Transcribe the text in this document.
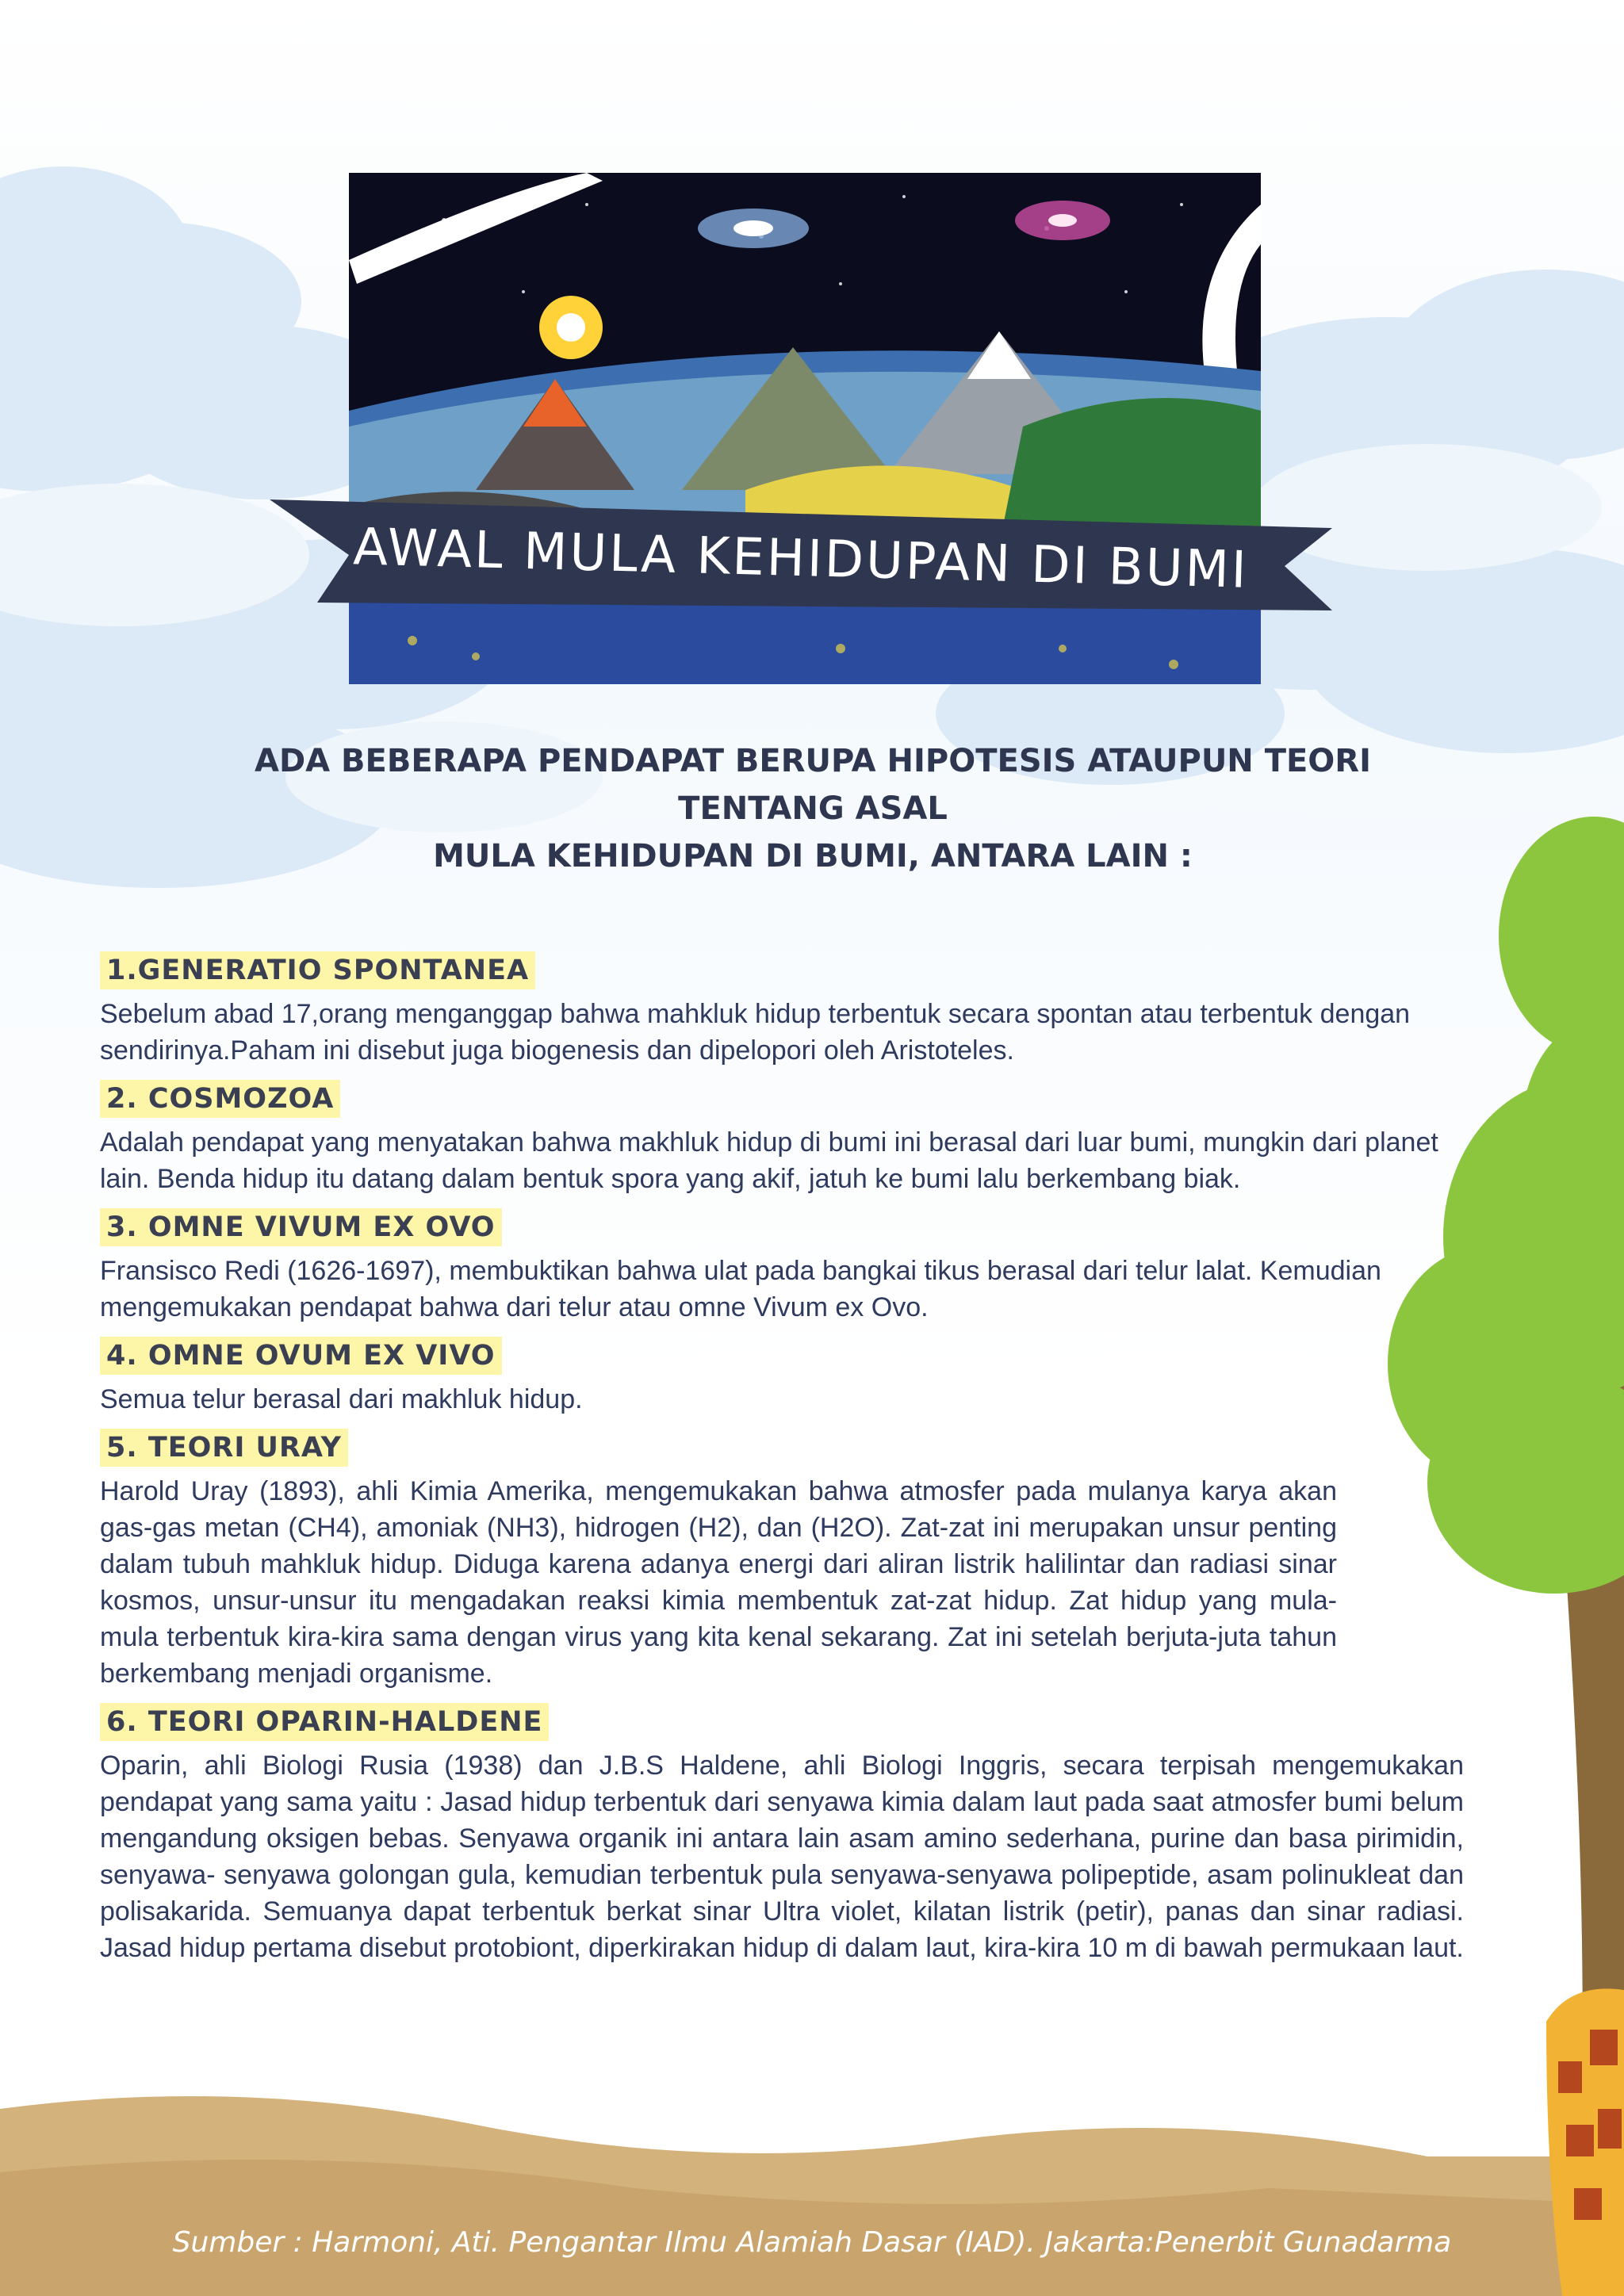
AWAL MULA KEHIDUPAN DI BUMI
ADA BEBERAPA PENDAPAT BERUPA HIPOTESIS ATAUPUN TEORI TENTANG ASAL
MULA KEHIDUPAN DI BUMI, ANTARA LAIN :
1.GENERATIO SPONTANEA
Sebelum abad 17,orang menganggap bahwa mahkluk hidup terbentuk secara spontan atau terbentuk dengan sendirinya.Paham ini disebut juga biogenesis dan dipelopori oleh Aristoteles.
2. COSMOZOA
Adalah pendapat yang menyatakan bahwa makhluk hidup di bumi ini berasal dari luar bumi, mungkin dari planet lain. Benda hidup itu datang dalam bentuk spora yang akif, jatuh ke bumi lalu berkembang biak.
3. OMNE VIVUM EX OVO
Fransisco Redi (1626-1697), membuktikan bahwa ulat pada bangkai tikus berasal dari telur lalat. Kemudian mengemukakan pendapat bahwa dari telur atau omne Vivum ex Ovo.
4. OMNE OVUM EX VIVO
Semua telur berasal dari makhluk hidup.
5. TEORI URAY
Harold Uray (1893), ahli Kimia Amerika, mengemukakan bahwa atmosfer pada mulanya karya akan gas-gas metan (CH4), amoniak (NH3), hidrogen (H2), dan (H2O). Zat-zat ini merupakan unsur penting dalam tubuh mahkluk hidup. Diduga karena adanya energi dari aliran listrik halilintar dan radiasi sinar kosmos, unsur-unsur itu mengadakan reaksi kimia membentuk zat-zat hidup. Zat hidup yang mula-mula terbentuk kira-kira sama dengan virus yang kita kenal sekarang. Zat ini setelah berjuta-juta tahun berkembang menjadi organisme.
6. TEORI OPARIN-HALDENE
Oparin, ahli Biologi Rusia (1938) dan J.B.S Haldene, ahli Biologi Inggris, secara terpisah mengemukakan pendapat yang sama yaitu : Jasad hidup terbentuk dari senyawa kimia dalam laut pada saat atmosfer bumi belum mengandung oksigen bebas. Senyawa organik ini antara lain asam amino sederhana, purine dan basa pirimidin, senyawa- senyawa golongan gula, kemudian terbentuk pula senyawa-senyawa polipeptide, asam polinukleat dan polisakarida. Semuanya dapat terbentuk berkat sinar Ultra violet, kilatan listrik (petir), panas dan sinar radiasi. Jasad hidup pertama disebut protobiont, diperkirakan hidup di dalam laut, kira-kira 10 m di bawah permukaan laut.
Sumber : Harmoni, Ati. Pengantar Ilmu Alamiah Dasar (IAD). Jakarta:Penerbit Gunadarma
